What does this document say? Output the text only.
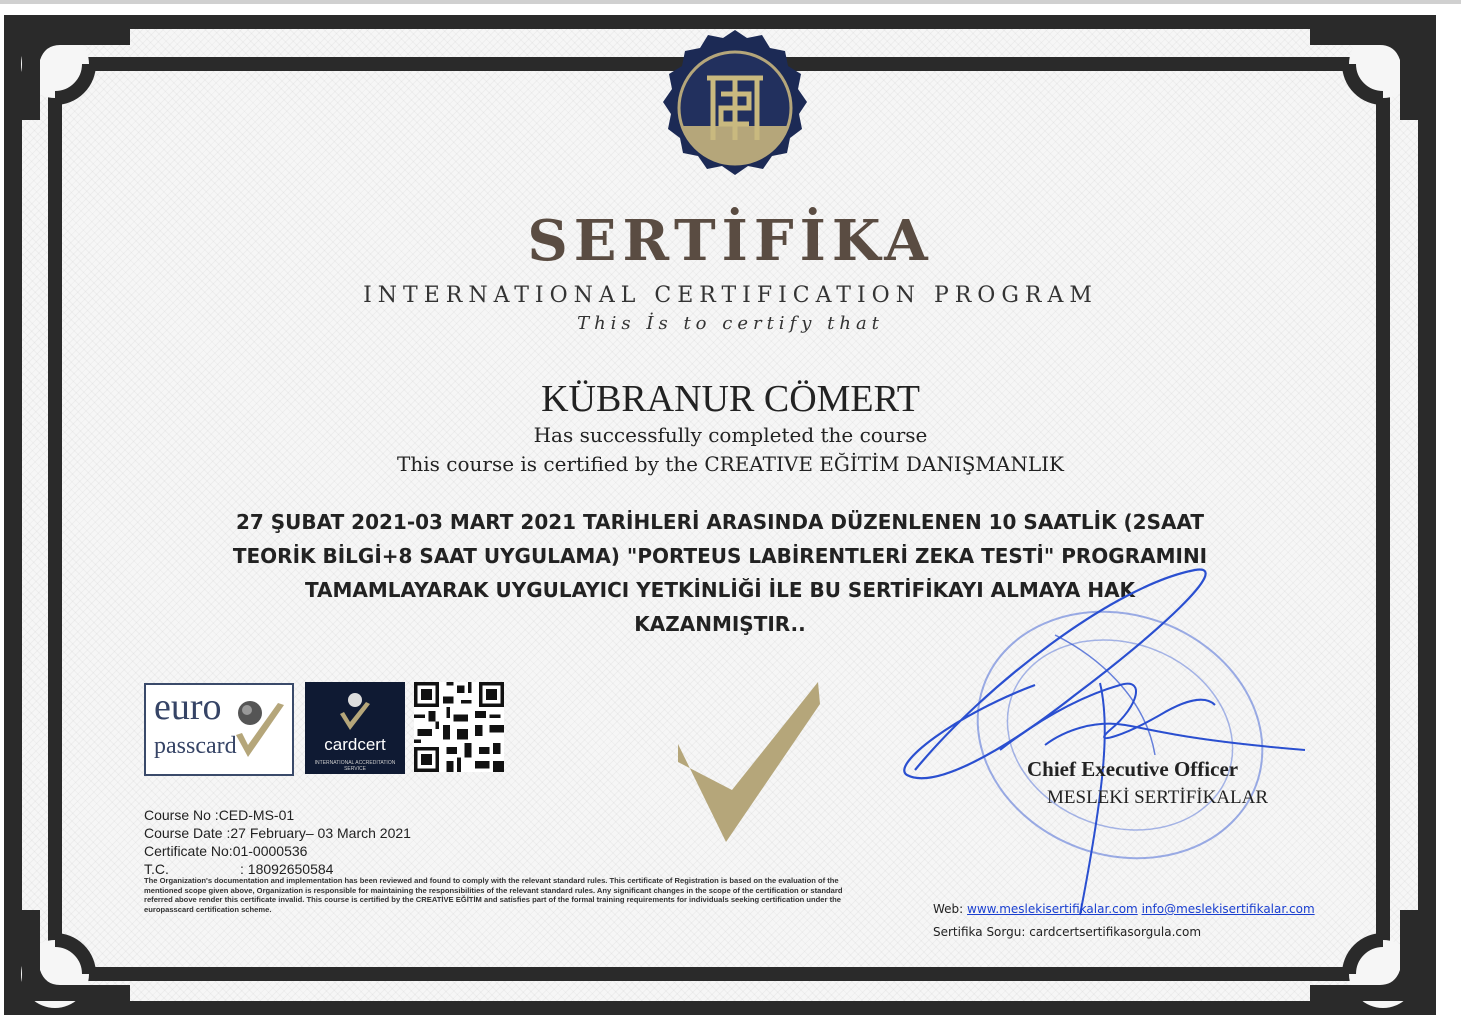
SERTİFİKA
INTERNATIONAL CERTIFICATION PROGRAM
This İs to certify that
KÜBRANUR CÖMERT
Has successfully completed the course
This course is certified by the CREATIVE EĞİTİM DANIŞMANLIK
27 ŞUBAT 2021-03 MART 2021 TARİHLERİ ARASINDA DÜZENLENEN 10 SAATLİK (2SAAT
TEORİK BİLGİ+8 SAAT UYGULAMA) "PORTEUS LABİRENTLERİ ZEKA TESTİ" PROGRAMINI
TAMAMLAYARAK UYGULAYICI YETKİNLİĞİ İLE BU SERTİFİKAYI ALMAYA HAK
KAZANMIŞTIR..
euro
passcard	cardcert
INTERNATIONAL ACCREDITATION SERVICE
Course No :CED-MS-01
Course Date :27 February– 03 March 2021
Certificate No:01-0000536
T.C.	: 18092650584
The Organization's documentation and implementation has been reviewed and found to comply with the relevant standard rules. This certificate of Registration is based on the evaluation of the mentioned scope given above, Organization is responsible for maintaining the responsibilities of the relevant standard rules. Any significant changes in the scope of the certification or standard referred above render this certificate invalid. This course is certified by the CREATİVE EĞİTİM and satisfies part of the formal training requirements for individuals seeking certification under the europasscard certification scheme.
Chief Executive Officer
MESLEKİ SERTİFİKALAR
Web: www.meslekisertifikalar.com info@meslekisertifikalar.com
Sertifika Sorgu: cardcertsertifikasorgula.com
